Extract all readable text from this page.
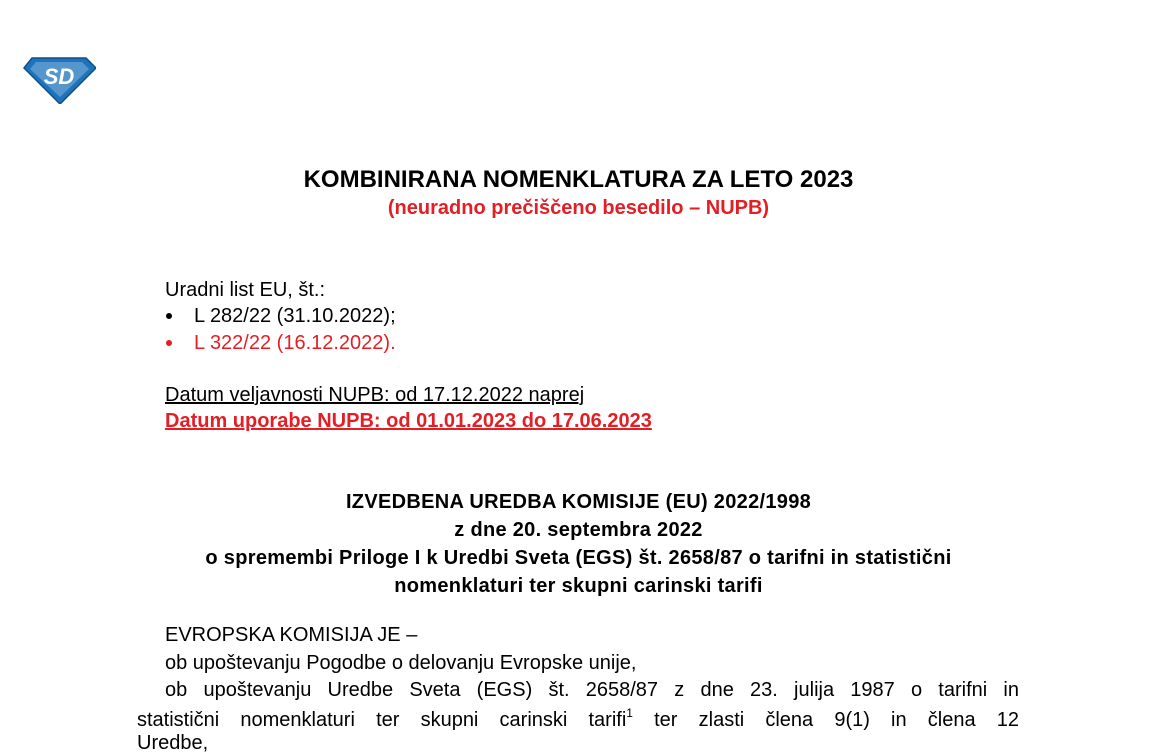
SD
KOMBINIRANA NOMENKLATURA ZA LETO 2023
(neuradno prečiščeno besedilo – NUPB)
Uradni list EU, št.:
L 282/22 (31.10.2022);
L 322/22 (16.12.2022).
Datum veljavnosti NUPB: od 17.12.2022 naprej
Datum uporabe NUPB: od 01.01.2023 do 17.06.2023
IZVEDBENA UREDBA KOMISIJE (EU) 2022/1998
z dne 20. septembra 2022
o spremembi Priloge I k Uredbi Sveta (EGS) št. 2658/87 o tarifni in statistični
nomenklaturi ter skupni carinski tarifi
EVROPSKA KOMISIJA JE –
ob upoštevanju Pogodbe o delovanju Evropske unije,
ob upoštevanju Uredbe Sveta (EGS) št. 2658/87 z dne 23. julija 1987 o tarifni in
statistični nomenklaturi ter skupni carinski tarifi$^1$ ter zlasti člena 9(1) in člena 12
Uredbe,
